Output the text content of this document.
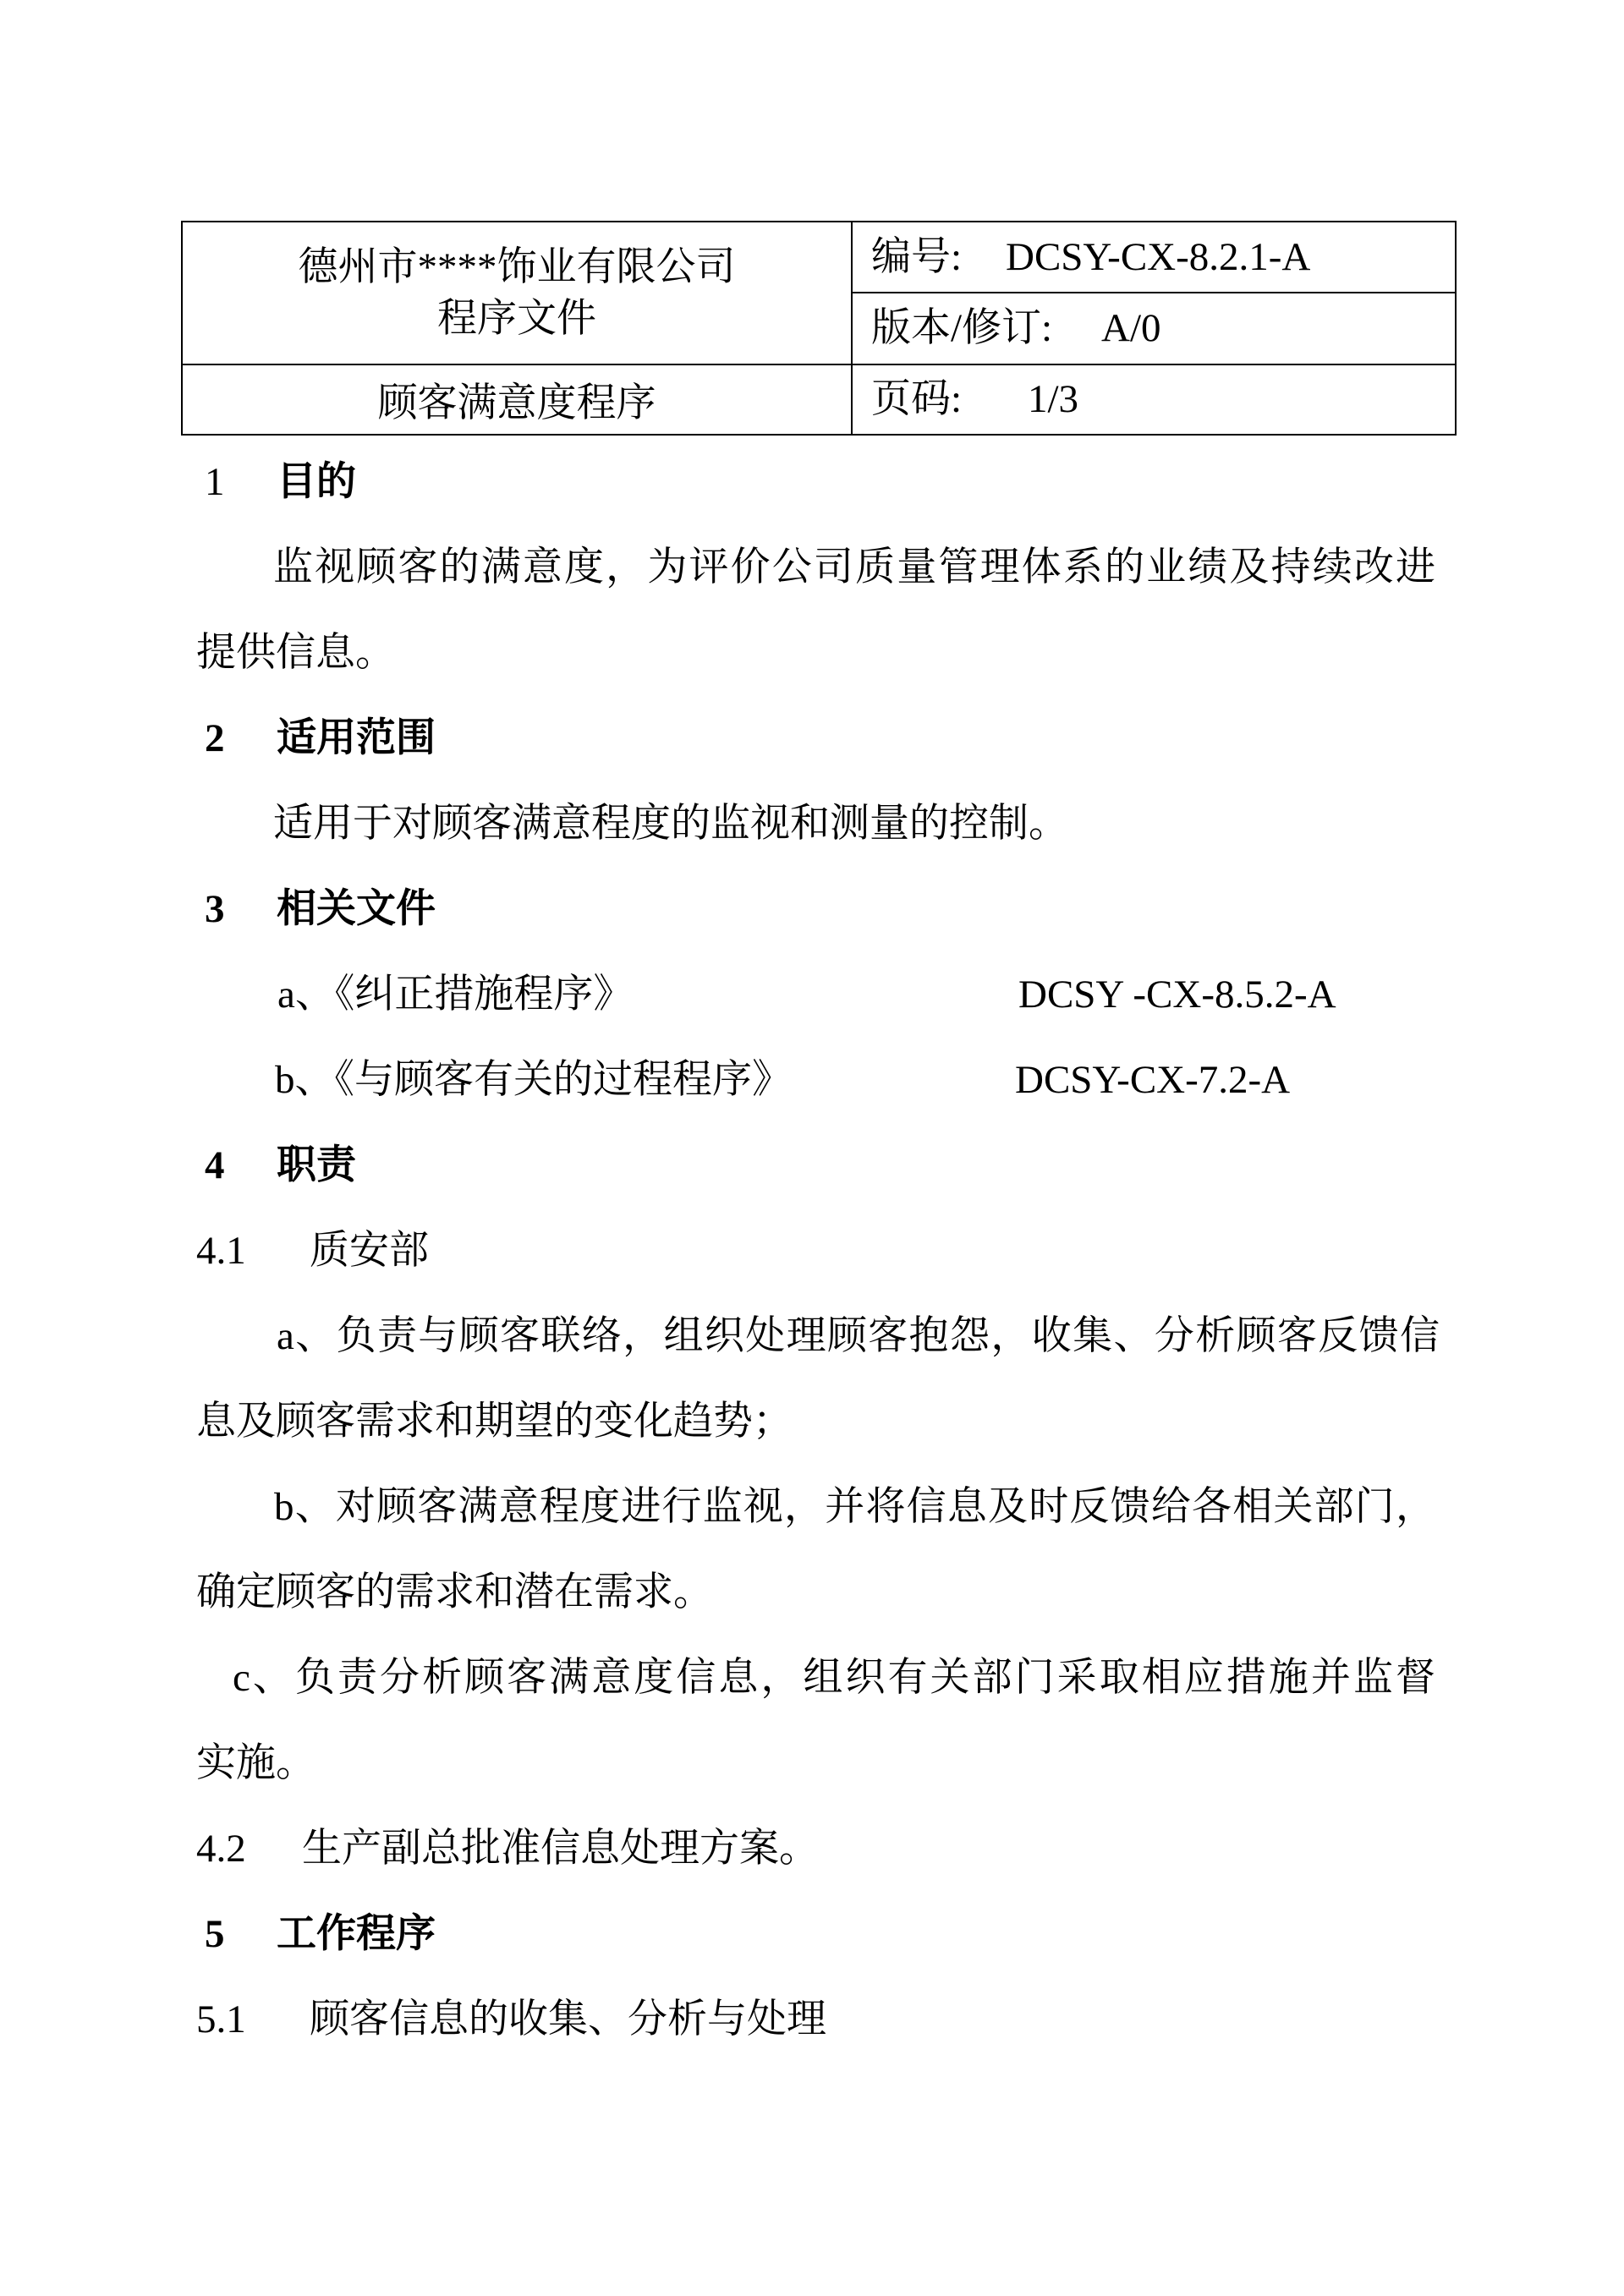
德州市****饰业有限公司
程序文件
顾客满意度程序
编号: DCSY-CX-8.2.1-A
版本/修订: A/0
页码: 1/3
1 目的
监视顾客的满意度，为评价公司质量管理体系的业绩及持续改进
提供信息。
2 适用范围
适用于对顾客满意程度的监视和测量的控制。
3 相关文件
a、《纠正措施程序》	DCSY -CX-8.5.2-A
b、《与顾客有关的过程程序》	DCSY-CX-7.2-A
4 职责
4.1 质安部
a、负责与顾客联络，组织处理顾客抱怨，收集、分析顾客反馈信
息及顾客需求和期望的变化趋势；
b、对顾客满意程度进行监视，并将信息及时反馈给各相关部门，
确定顾客的需求和潜在需求。
c、负责分析顾客满意度信息，组织有关部门采取相应措施并监督
实施。
4.2 生产副总批准信息处理方案。
5 工作程序
5.1 顾客信息的收集、分析与处理
